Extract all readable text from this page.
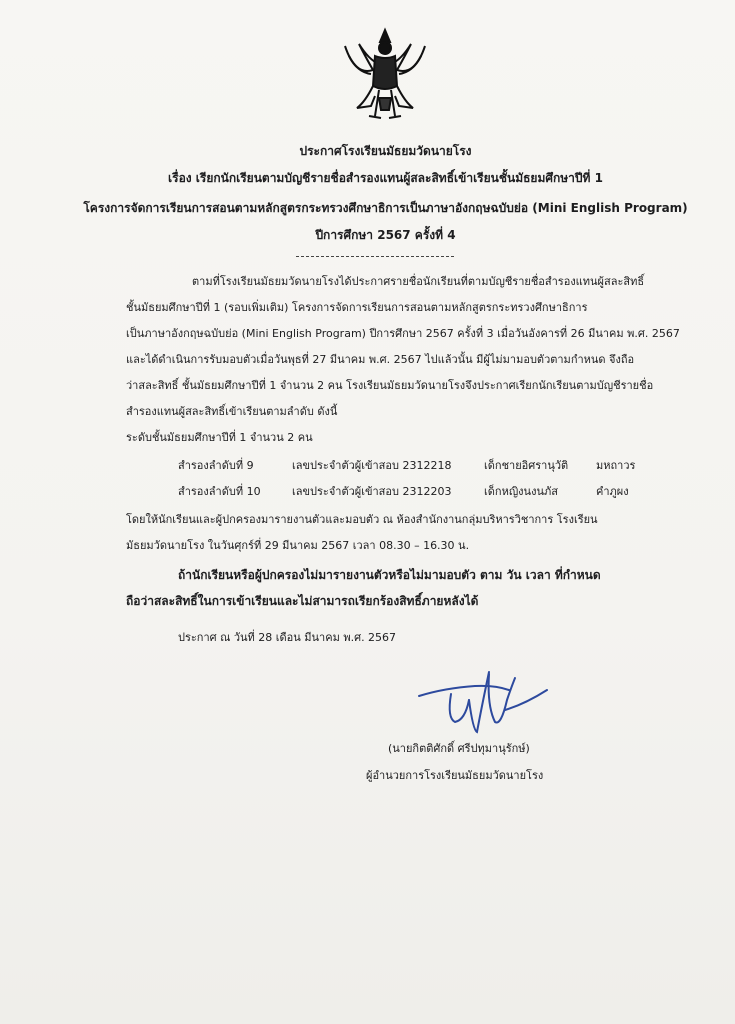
ประกาศโรงเรียนมัธยมวัดนายโรง
เรื่อง เรียกนักเรียนตามบัญชีรายชื่อสำรองแทนผู้สละสิทธิ์เข้าเรียนชั้นมัธยมศึกษาปีที่ 1
โครงการจัดการเรียนการสอนตามหลักสูตรกระทรวงศึกษาธิการเป็นภาษาอังกฤษฉบับย่อ (Mini English Program)
ปีการศึกษา 2567 ครั้งที่ 4
ตามที่โรงเรียนมัธยมวัดนายโรงได้ประกาศรายชื่อนักเรียนที่ตามบัญชีรายชื่อสำรองแทนผู้สละสิทธิ์
ชั้นมัธยมศึกษาปีที่ 1 (รอบเพิ่มเติม) โครงการจัดการเรียนการสอนตามหลักสูตรกระทรวงศึกษาธิการ
เป็นภาษาอังกฤษฉบับย่อ (Mini English Program) ปีการศึกษา 2567 ครั้งที่ 3 เมื่อวันอังคารที่ 26 มีนาคม พ.ศ. 2567
และได้ดำเนินการรับมอบตัวเมื่อวันพุธที่ 27 มีนาคม พ.ศ. 2567 ไปแล้วนั้น มีผู้ไม่มามอบตัวตามกำหนด จึงถือ
ว่าสละสิทธิ์ ชั้นมัธยมศึกษาปีที่ 1 จำนวน 2 คน โรงเรียนมัธยมวัดนายโรงจึงประกาศเรียกนักเรียนตามบัญชีรายชื่อ
สำรองแทนผู้สละสิทธิ์เข้าเรียนตามลำดับ ดังนี้
ระดับชั้นมัธยมศึกษาปีที่ 1 จำนวน 2 คน
สำรองลำดับที่ 9	เลขประจำตัวผู้เข้าสอบ 2312218	เด็กชายอิศรานุวัติ	มหถาวร
สำรองลำดับที่ 10	เลขประจำตัวผู้เข้าสอบ 2312203	เด็กหญิงนงนภัส	คำภูผง
โดยให้นักเรียนและผู้ปกครองมารายงานตัวและมอบตัว ณ ห้องสำนักงานกลุ่มบริหารวิชาการ โรงเรียน
มัธยมวัดนายโรง ในวันศุกร์ที่ 29 มีนาคม 2567 เวลา 08.30 – 16.30 น.
ถ้านักเรียนหรือผู้ปกครองไม่มารายงานตัวหรือไม่มามอบตัว ตาม วัน เวลา ที่กำหนด
ถือว่าสละสิทธิ์ในการเข้าเรียนและไม่สามารถเรียกร้องสิทธิ์ภายหลังได้
ประกาศ ณ วันที่ 28 เดือน มีนาคม พ.ศ. 2567
(นายกิตติศักดิ์ ศรีปทุมานุรักษ์)
ผู้อำนวยการโรงเรียนมัธยมวัดนายโรง
